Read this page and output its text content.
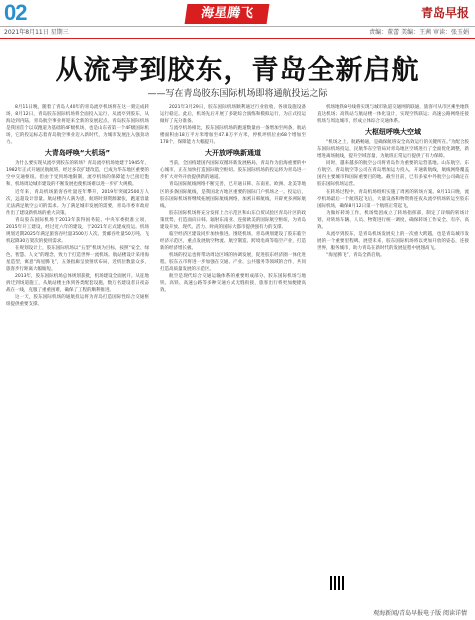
02	海星腾飞	青岛早报
2021年8月11日 星期三	责编：董蕾 美编：王茜 审读：张玉娟
从流亭到胶东，青岛全新启航
——写在青岛胶东国际机场即将通航投运之际

8月11日晚，随着了青岛人40年的青岛流亭机场将在这一刻完成转场，8月12日，青岛胶东国际机场将全面投入运行，从流亭到胶东，从海边到内陆，青岛航空事业将迎来全新的发展起点。青岛胶东国际机场是我国首个以双跑道为基础的4F级机场，也是山东省第一个4F级国际机场，它的投运标志着青岛航空事业迈入新时代，为城市发展注入强劲动力。

大青岛呼唤“大机场”

为什么要实现从流亭到胶东的转场？青岛流亭机场始建于1945年，1982年正式开通民航航班，经过多次扩建改造，已成为华东地区重要的空中交通枢纽。但由于受到场地限制，流亭机场的保障能力已接近饱和，机场周边城市建设的不断发展也使机场难以进一步扩大规模。

近年来，青岛机场旅客吞吐量连年攀升，2019年突破2500万人次，远超设计容量。航站楼内人满为患，航班时刻资源紧张，跑道容量无法满足航空公司的需求。为了满足城市发展的需要，青岛市委市政府作出了建设新机场的重大决策。

青岛胶东国际机场于2013年获得国务院、中央军委批准立项，2015年开工建设，经过近六年的建设，于2021年正式建成投运。机场规划近期2025年满足旅客吞吐量3500万人次、货邮吞吐量50万吨、飞机起降30万架次的使用需求。

在规划设计上，胶东国际机场以“五型”机场为目标，按照“安全、绿色、智慧、人文”的理念，致力于打造世界一流机场。航站楼设计采用海星造型，寓意“海星腾飞”，五条指廊呈放射状布局，近机位数量众多，旅客步行距离大幅缩短。

2013年，胶东国际机场总体规划获批，机场建设全面展开。从征地拆迁到场道施工，从航站楼主体到各类配套设施，数万名建设者日夜奋战在一线，克服了重重困难，确保了工程的顺利推进。

这一天，胶东国际机场的通航投运将为青岛打造国际性综合交通枢纽提供重要支撑。

2021年3月29日，胶东国际机场顺利通过行业验收，各项设施设备运行稳定。此后，机场先后开展了多轮综合演练和模拟运行，为正式投运做好了充分准备。

与流亭机场相比，胶东国际机场的跑道数量由一条增加至两条，航站楼面积由18万平方米增加至47.8万平方米，停机坪机位由68个增加至178个，保障能力大幅提升。

大开放呼唤新通道

当前，全国构建国内国际双循环新发展格局，青岛作为沿海重要的中心城市，正在加快打造国际航空枢纽。胶东国际机场的投运将为青岛进一步扩大对外开放提供新的通道。

青岛国际航线网络不断完善，已开通日韩、东南亚、欧洲、北美等地区的多条国际航线，是我国北方地区重要的国际门户机场之一。投运后，胶东国际机场将继续拓展国际航线网络，加密日韩航线，开辟更多洲际航线。

胶东国际机场将充分发挥上合示范区和山东自贸试验区青岛片区的政策优势，打造面向日韩、辐射东南亚、连接欧美的国际航空枢纽，为青岛建设开放、现代、活力、时尚的国际大都市提供强有力的支撑。

临空经济区建设同步加快推进。围绕机场，青岛规划建设了胶东临空经济示范区，重点发展航空物流、航空制造、跨境电商等临空产业，打造新的经济增长极。

机场的投运也将带动周边区域的协调发展，促进胶东经济圈一体化进程。胶东五市将进一步加强在交通、产业、公共服务等领域的合作，共同打造高质量发展的示范区。

航空是现代综合交通运输体系的重要组成部分。胶东国际机场与地铁、高铁、高速公路等多种交通方式无缝衔接，旅客出行将更加便捷高效。

机场地铁8号线将实现与城市轨道交通网的联通，旅客可从市区乘坐地铁直达机场；高铁站与航站楼一体化设计，实现空铁联运；高速公路网络连接机场与周边城市，形成立体综合交通体系。

大枢纽呼唤大空域

“机场之上，航路畅通，是确保航班安全高效运行的关键所在。”为配合胶东国际机场投运，民航华东空管局对青岛地区空域进行了全面优化调整，新增进离场航线，提升空域容量，为航班正常运行提供了有力保障。

同时，越来越多的航空公司将青岛作为重要的运营基地。山东航空、东方航空、青岛航空等公司在青岛增加运力投入，开通新航线，航线网络覆盖国内主要城市和国际重要目的地。截至目前，已有多家中外航空公司确定在胶东国际机场运营。

在转场过程中，青岛机场组织实施了周密的转场方案。8月11日晚，流亭机场最后一个航班起飞后，大量设备和物资将连夜从流亭机场转运至胶东国际机场，确保8月12日第一个航班正常起飞。

为做好转场工作，机场集团成立了转场指挥部，制定了详细的转场计划，对转场车辆、人员、物资进行统一调度，确保转场工作安全、有序、高效。

从流亭到胶东，是青岛机场发展史上的一次重大跨越，也是青岛城市发展的一个重要里程碑。展望未来，胶东国际机场将以更加开放的姿态，连接世界，服务城市，助力青岛在新时代的发展征程中展翅高飞。

“海星腾飞”，青岛全新启航。

观海新闻/青岛早报电子版 阅读详情
